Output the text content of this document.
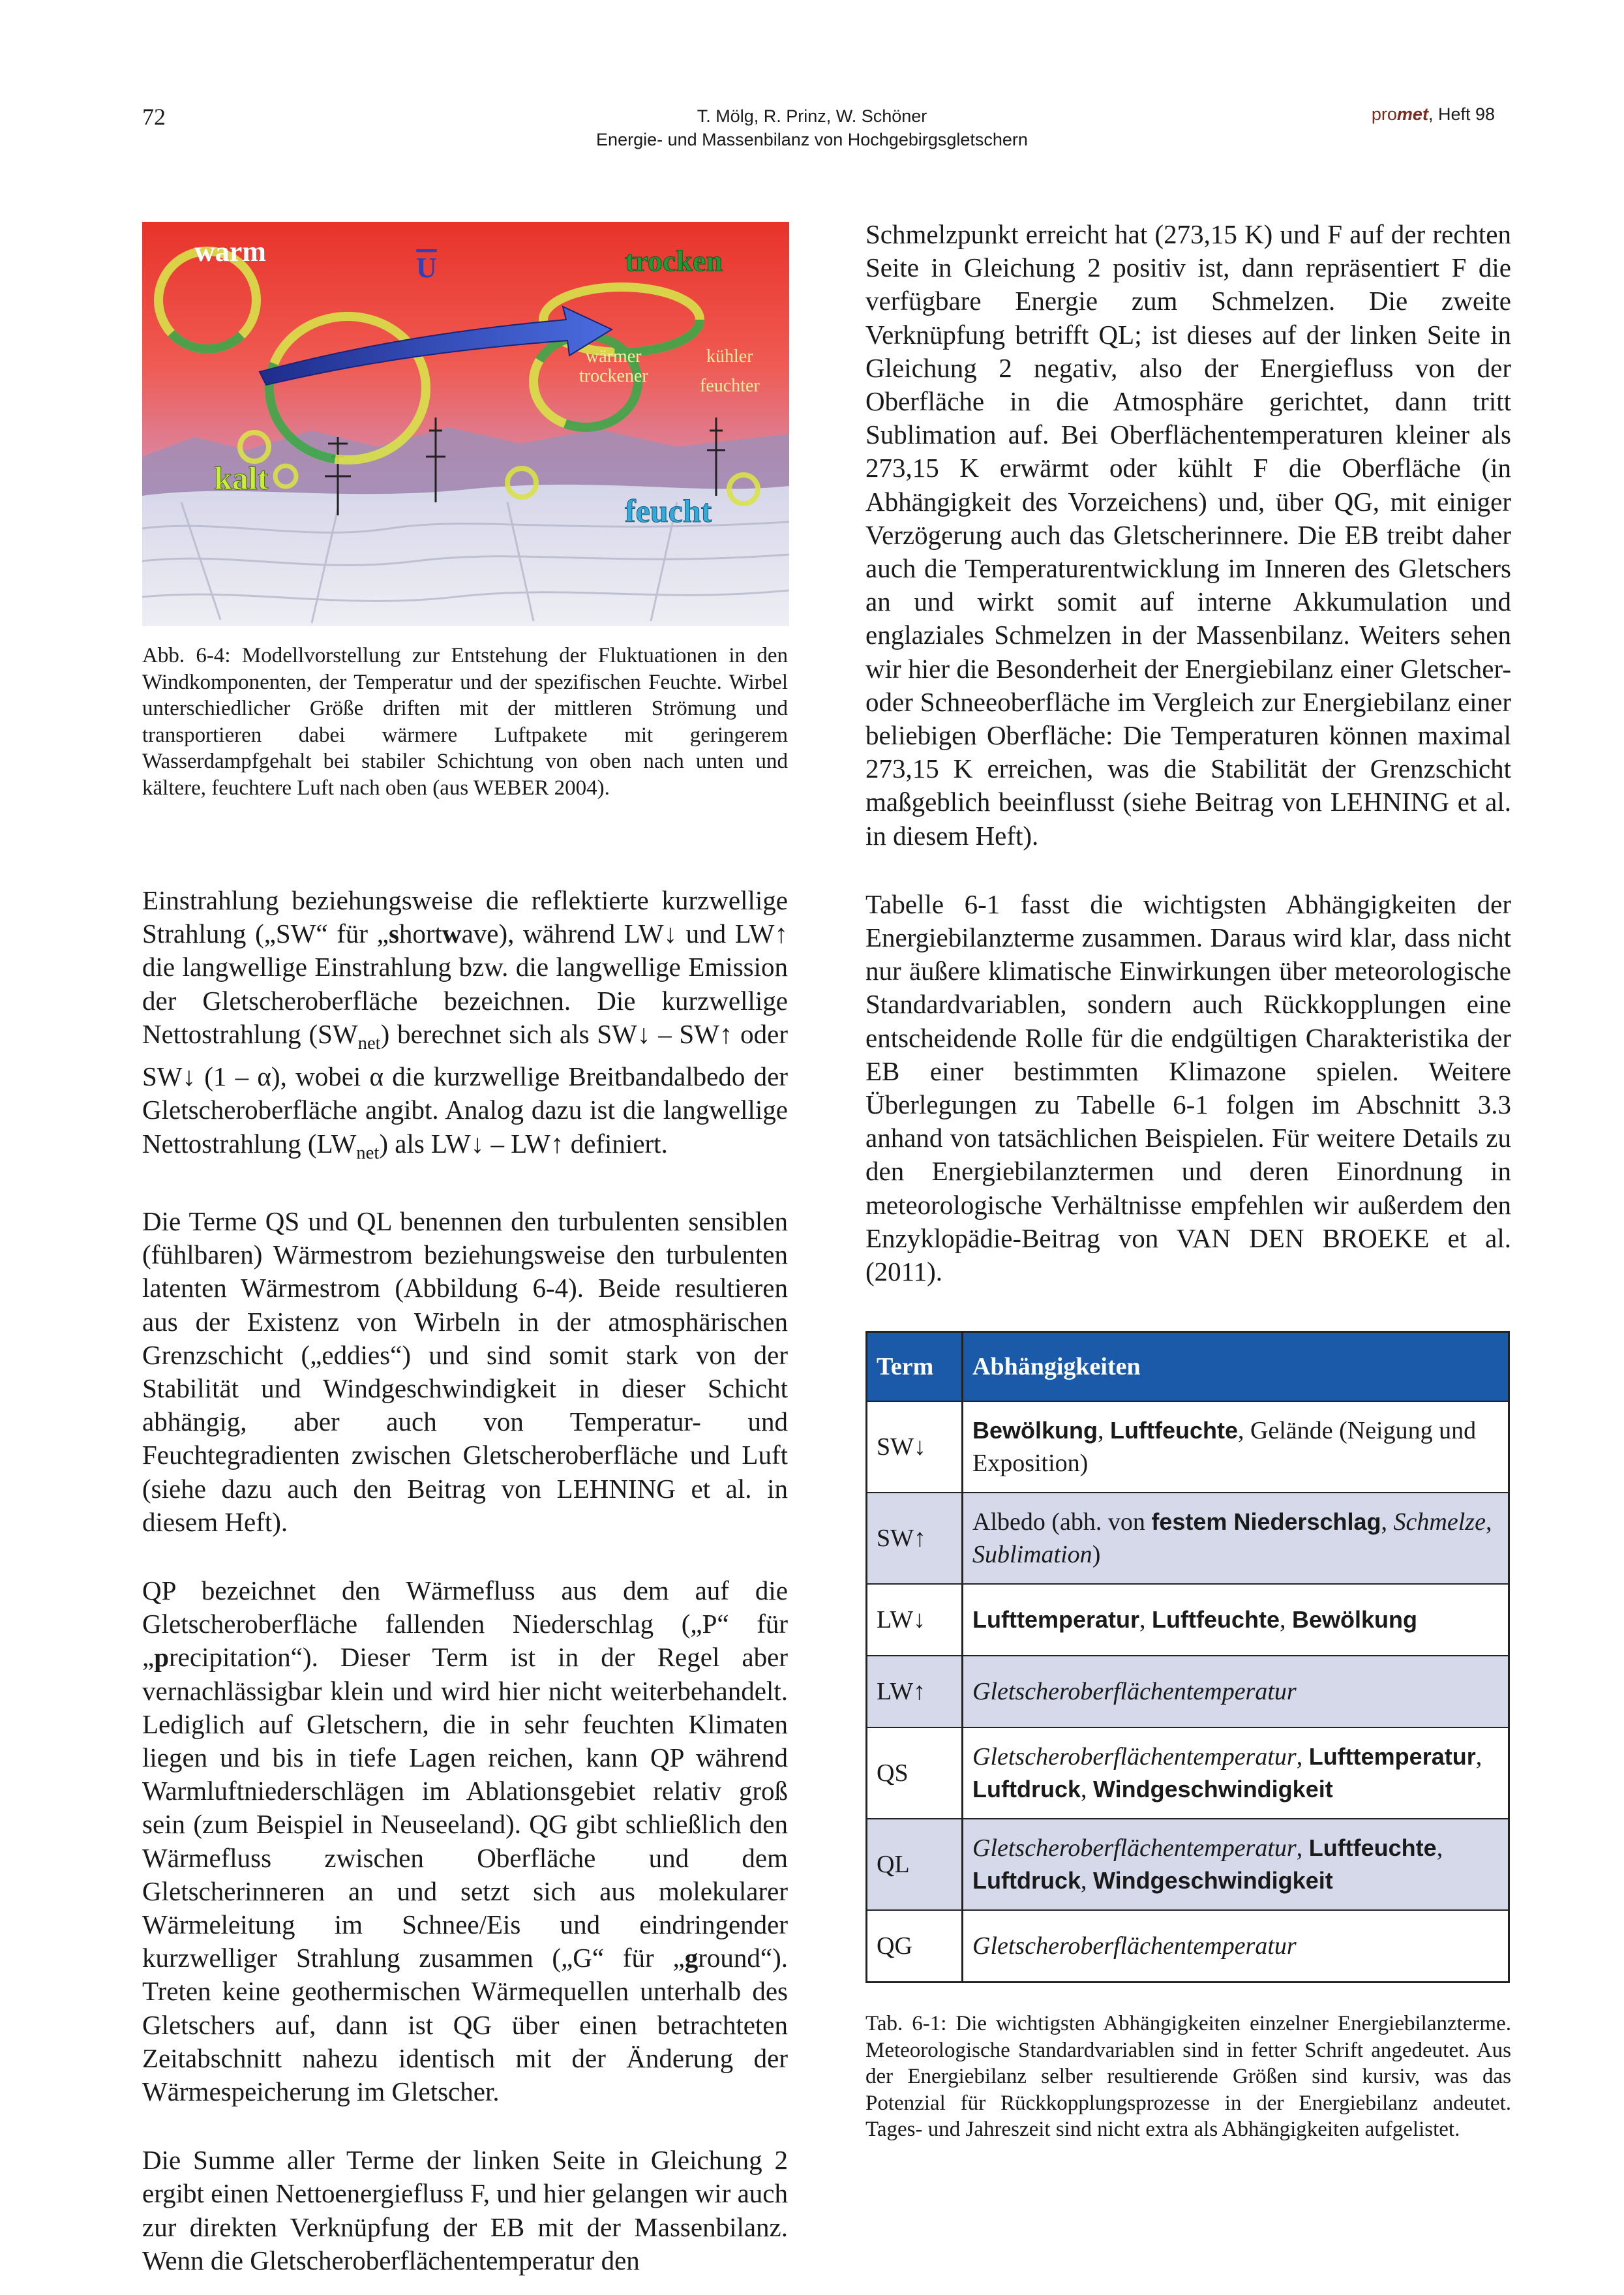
72	T. Mölg, R. Prinz, W. Schöner
Energie- und Massenbilanz von Hochgebirgsgletschern
promet, Heft 98
warm
U	trocken
wärmer
trockener
kühler
feuchter
kalt
feucht

Abb. 6-4: Modellvorstellung zur Entstehung der Fluktuationen in den Windkomponenten, der Temperatur und der spezifischen Feuchte. Wirbel unterschiedlicher Größe driften mit der mittleren Strömung und transportieren dabei wärmere Luftpakete mit geringerem Wasserdampfgehalt bei stabiler Schichtung von oben nach unten und kältere, feuchtere Luft nach oben (aus WEBER 2004).

Einstrahlung beziehungsweise die reflektierte kurzwellige Strahlung („SW“ für „shortwave), während LW↓ und LW↑ die langwellige Einstrahlung bzw. die langwellige Emission der Gletscheroberfläche bezeichnen. Die kurzwellige Nettostrahlung $(SW_{net})$ berechnet sich als SW↓ – SW↑ oder SW↓ (1 – α), wobei α die kurzwellige Breitbandalbedo der Gletscheroberfläche angibt. Analog dazu ist die langwellige Nettostrahlung $(LW_{net})$ als LW↓ – LW↑ definiert.

Die Terme QS und QL benennen den turbulenten sensiblen (fühlbaren) Wärmestrom beziehungsweise den turbulenten latenten Wärmestrom (Abbildung 6-4). Beide resultieren aus der Existenz von Wirbeln in der atmosphärischen Grenzschicht („eddies“) und sind somit stark von der Stabilität und Windgeschwindigkeit in dieser Schicht abhängig, aber auch von Temperatur- und Feuchtegradienten zwischen Gletscheroberfläche und Luft (siehe dazu auch den Beitrag von LEHNING et al. in diesem Heft).

QP bezeichnet den Wärmefluss aus dem auf die Gletscheroberfläche fallenden Niederschlag („P“ für „precipitation“). Dieser Term ist in der Regel aber vernachlässigbar klein und wird hier nicht weiterbehandelt. Lediglich auf Gletschern, die in sehr feuchten Klimaten liegen und bis in tiefe Lagen reichen, kann QP während Warmluftniederschlägen im Ablationsgebiet relativ groß sein (zum Beispiel in Neuseeland). QG gibt schließlich den Wärmefluss zwischen Oberfläche und dem Gletscherinneren an und setzt sich aus molekularer Wärmeleitung im Schnee/Eis und eindringender kurzwelliger Strahlung zusammen („G“ für „ground“). Treten keine geothermischen Wärmequellen unterhalb des Gletschers auf, dann ist QG über einen betrachteten Zeitabschnitt nahezu identisch mit der Änderung der Wärmespeicherung im Gletscher.

Die Summe aller Terme der linken Seite in Gleichung 2 ergibt einen Nettoenergiefluss F, und hier gelangen wir auch zur direkten Verknüpfung der EB mit der Massenbilanz. Wenn die Gletscheroberflächentemperatur den

Schmelzpunkt erreicht hat (273,15 K) und F auf der rechten Seite in Gleichung 2 positiv ist, dann repräsentiert F die verfügbare Energie zum Schmelzen. Die zweite Verknüpfung betrifft QL; ist dieses auf der linken Seite in Gleichung 2 negativ, also der Energiefluss von der Oberfläche in die Atmosphäre gerichtet, dann tritt Sublimation auf. Bei Oberflächentemperaturen kleiner als 273,15 K erwärmt oder kühlt F die Oberfläche (in Abhängigkeit des Vorzeichens) und, über QG, mit einiger Verzögerung auch das Gletscherinnere. Die EB treibt daher auch die Temperaturentwicklung im Inneren des Gletschers an und wirkt somit auf interne Akkumulation und englaziales Schmelzen in der Massenbilanz. Weiters sehen wir hier die Besonderheit der Energiebilanz einer Gletscher- oder Schneeoberfläche im Vergleich zur Energiebilanz einer beliebigen Oberfläche: Die Temperaturen können maximal 273,15 K erreichen, was die Stabilität der Grenzschicht maßgeblich beeinflusst (siehe Beitrag von LEHNING et al. in diesem Heft).

Tabelle 6-1 fasst die wichtigsten Abhängigkeiten der Energiebilanzterme zusammen. Daraus wird klar, dass nicht nur äußere klimatische Einwirkungen über meteorologische Standardvariablen, sondern auch Rückkopplungen eine entscheidende Rolle für die endgültigen Charakteristika der EB einer bestimmten Klimazone spielen. Weitere Überlegungen zu Tabelle 6-1 folgen im Abschnitt 3.3 anhand von tatsächlichen Beispielen. Für weitere Details zu den Energiebilanztermen und deren Einordnung in meteorologische Verhältnisse empfehlen wir außerdem den Enzyklopädie-Beitrag von VAN DEN BROEKE et al. (2011).

Term	Abhängigkeiten
SW↓	Bewölkung, Luftfeuchte, Gelände (Neigung und Exposition)
SW↑	Albedo (abh. von festem Niederschlag, Schmelze, Sublimation)
LW↓	Lufttemperatur, Luftfeuchte, Bewölkung
LW↑	Gletscheroberflächentemperatur
QS	Gletscheroberflächentemperatur, Lufttemperatur, Luftdruck, Windgeschwindigkeit
QL	Gletscheroberflächentemperatur, Luftfeuchte, Luftdruck, Windgeschwindigkeit
QG	Gletscheroberflächentemperatur

Tab. 6-1: Die wichtigsten Abhängigkeiten einzelner Energiebilanzterme. Meteorologische Standardvariablen sind in fetter Schrift angedeutet. Aus der Energiebilanz selber resultierende Größen sind kursiv, was das Potenzial für Rückkopplungsprozesse in der Energiebilanz andeutet. Tages- und Jahreszeit sind nicht extra als Abhängigkeiten aufgelistet.
